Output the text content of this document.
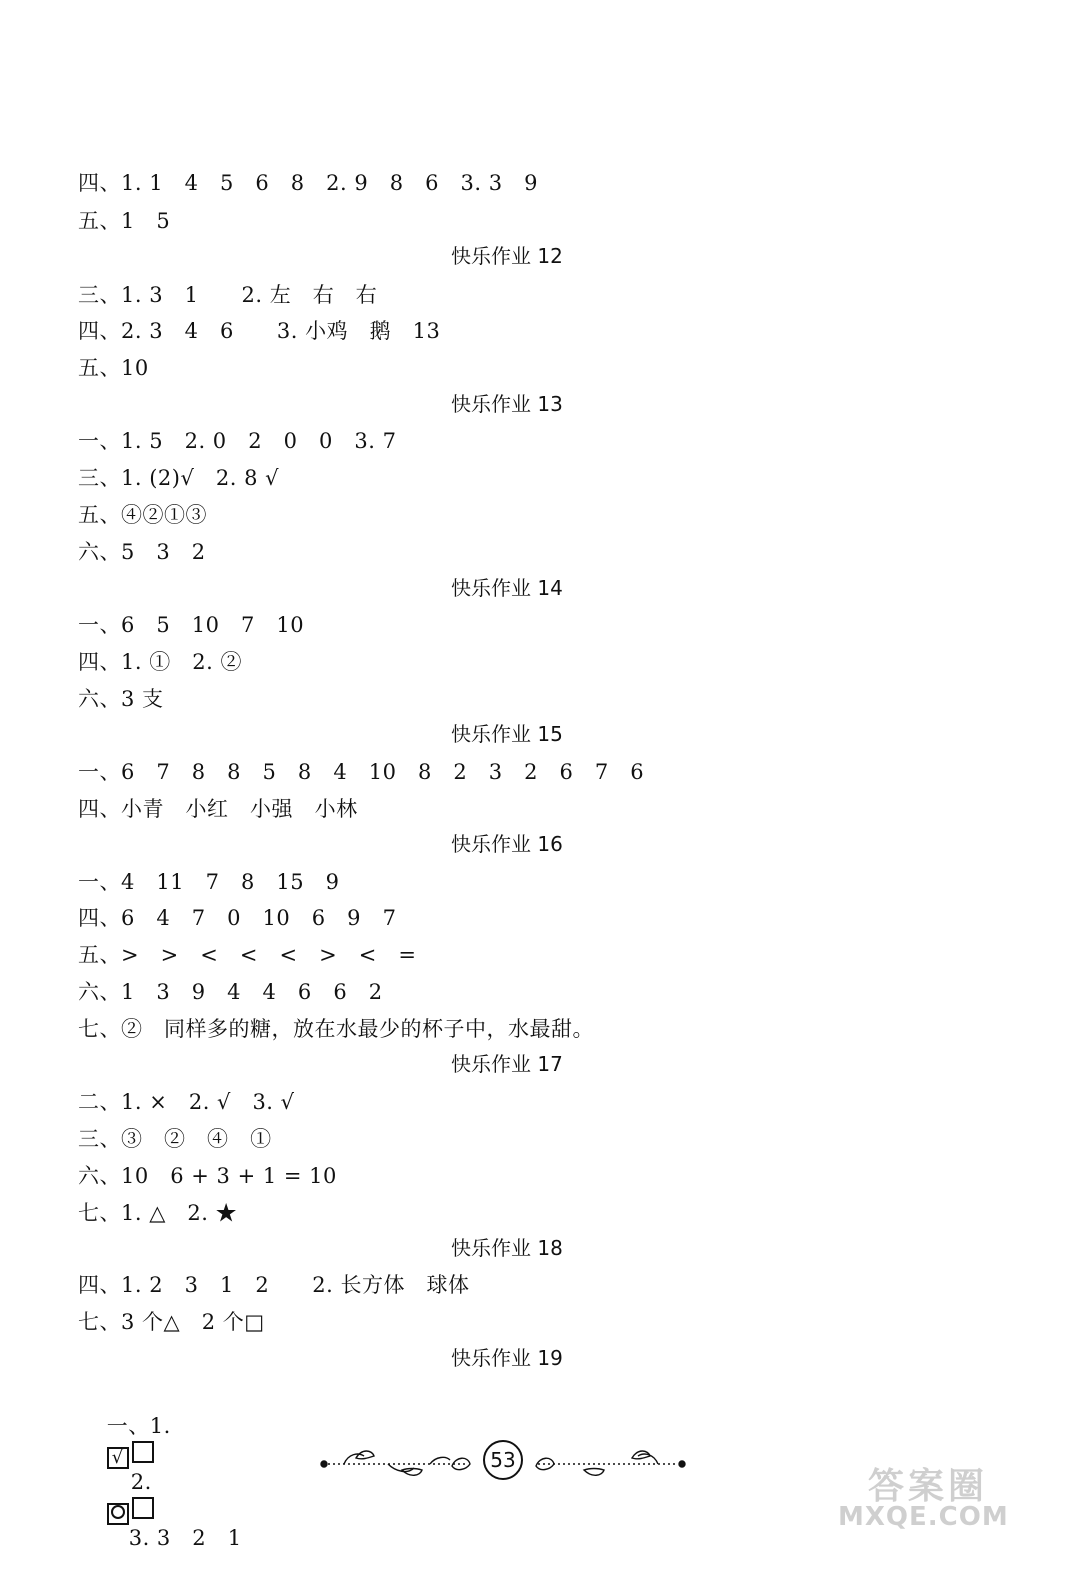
四、1. 1   4   5   6   8   2. 9   8   6   3. 3   9
五、1   5
快乐作业 12
三、1. 3   1      2. 左   右   右
四、2. 3   4   6      3. 小鸡   鹅   13
五、10
快乐作业 13
一、1. 5   2. 0   2   0   0   3. 7
三、1. (2)√   2. 8 √
五、④②①③
六、5   3   2
快乐作业 14
一、6   5   10   7   10
四、1. ①   2. ②
六、3 支
快乐作业 15
一、6   7   8   8   5   8   4   10   8   2   3   2   6   7   6
四、小青   小红   小强   小林
快乐作业 16
一、4   11   7   8   15   9
四、6   4   7   0   10   6   9   7
五、>   >   <   <   <   >   <   =
六、1   3   9   4   4   6   6   2
七、②   同样多的糖，放在水最少的杯子中，水最甜。
快乐作业 17
二、1. ×   2. √   3. √
三、③   ②   ④   ①
六、10   6 + 3 + 1 = 10
七、1. △   2. ★
快乐作业 18
四、1. 2   3   1   2      2. 长方体   球体
七、3 个△   2 个□
快乐作业 19

一、1.
√
2.

3. 3   2   1

53
答案圈
MXQE.COM
